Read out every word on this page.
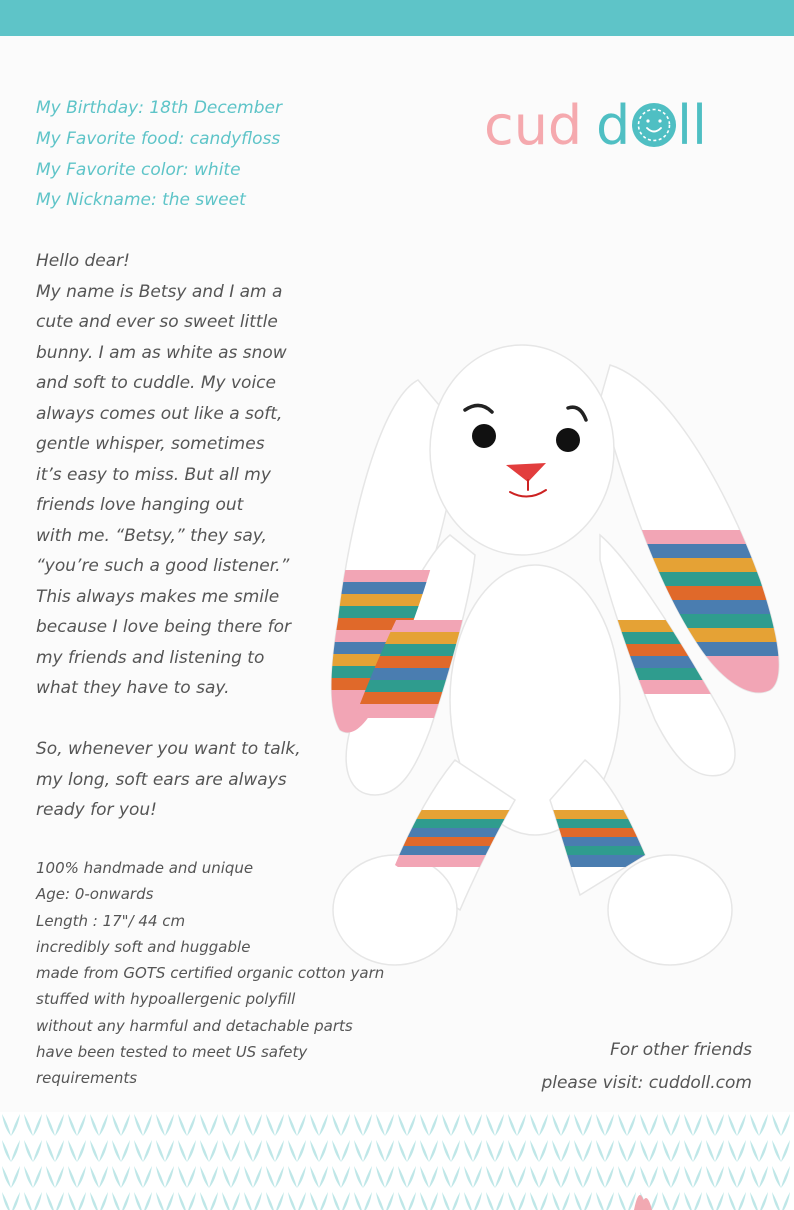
My Birthday: 18th December
My Favorite food: candyfloss
My Favorite color: white
My Nickname: the sweet
cud d ll

Hello dear!
My name is Betsy and I am a
cute and ever so sweet little
bunny. I am as white as snow
and soft to cuddle. My voice
always comes out like a soft,
gentle whisper, sometimes
it’s easy to miss. But all my
friends love hanging out
with me. “Betsy,” they say,
“you’re such a good listener.”
This always makes me smile
because I love being there for
my friends and listening to
what they have to say.

So, whenever you want to talk,
my long, soft ears are always
ready for you!

100% handmade and unique
Age: 0-onwards
Length : 17"/ 44 cm
incredibly soft and huggable
made from GOTS certified organic cotton yarn
stuffed with hypoallergenic polyfill
without any harmful and detachable parts
have been tested to meet US safety
requirements
For other friends
please visit: cuddoll.com
